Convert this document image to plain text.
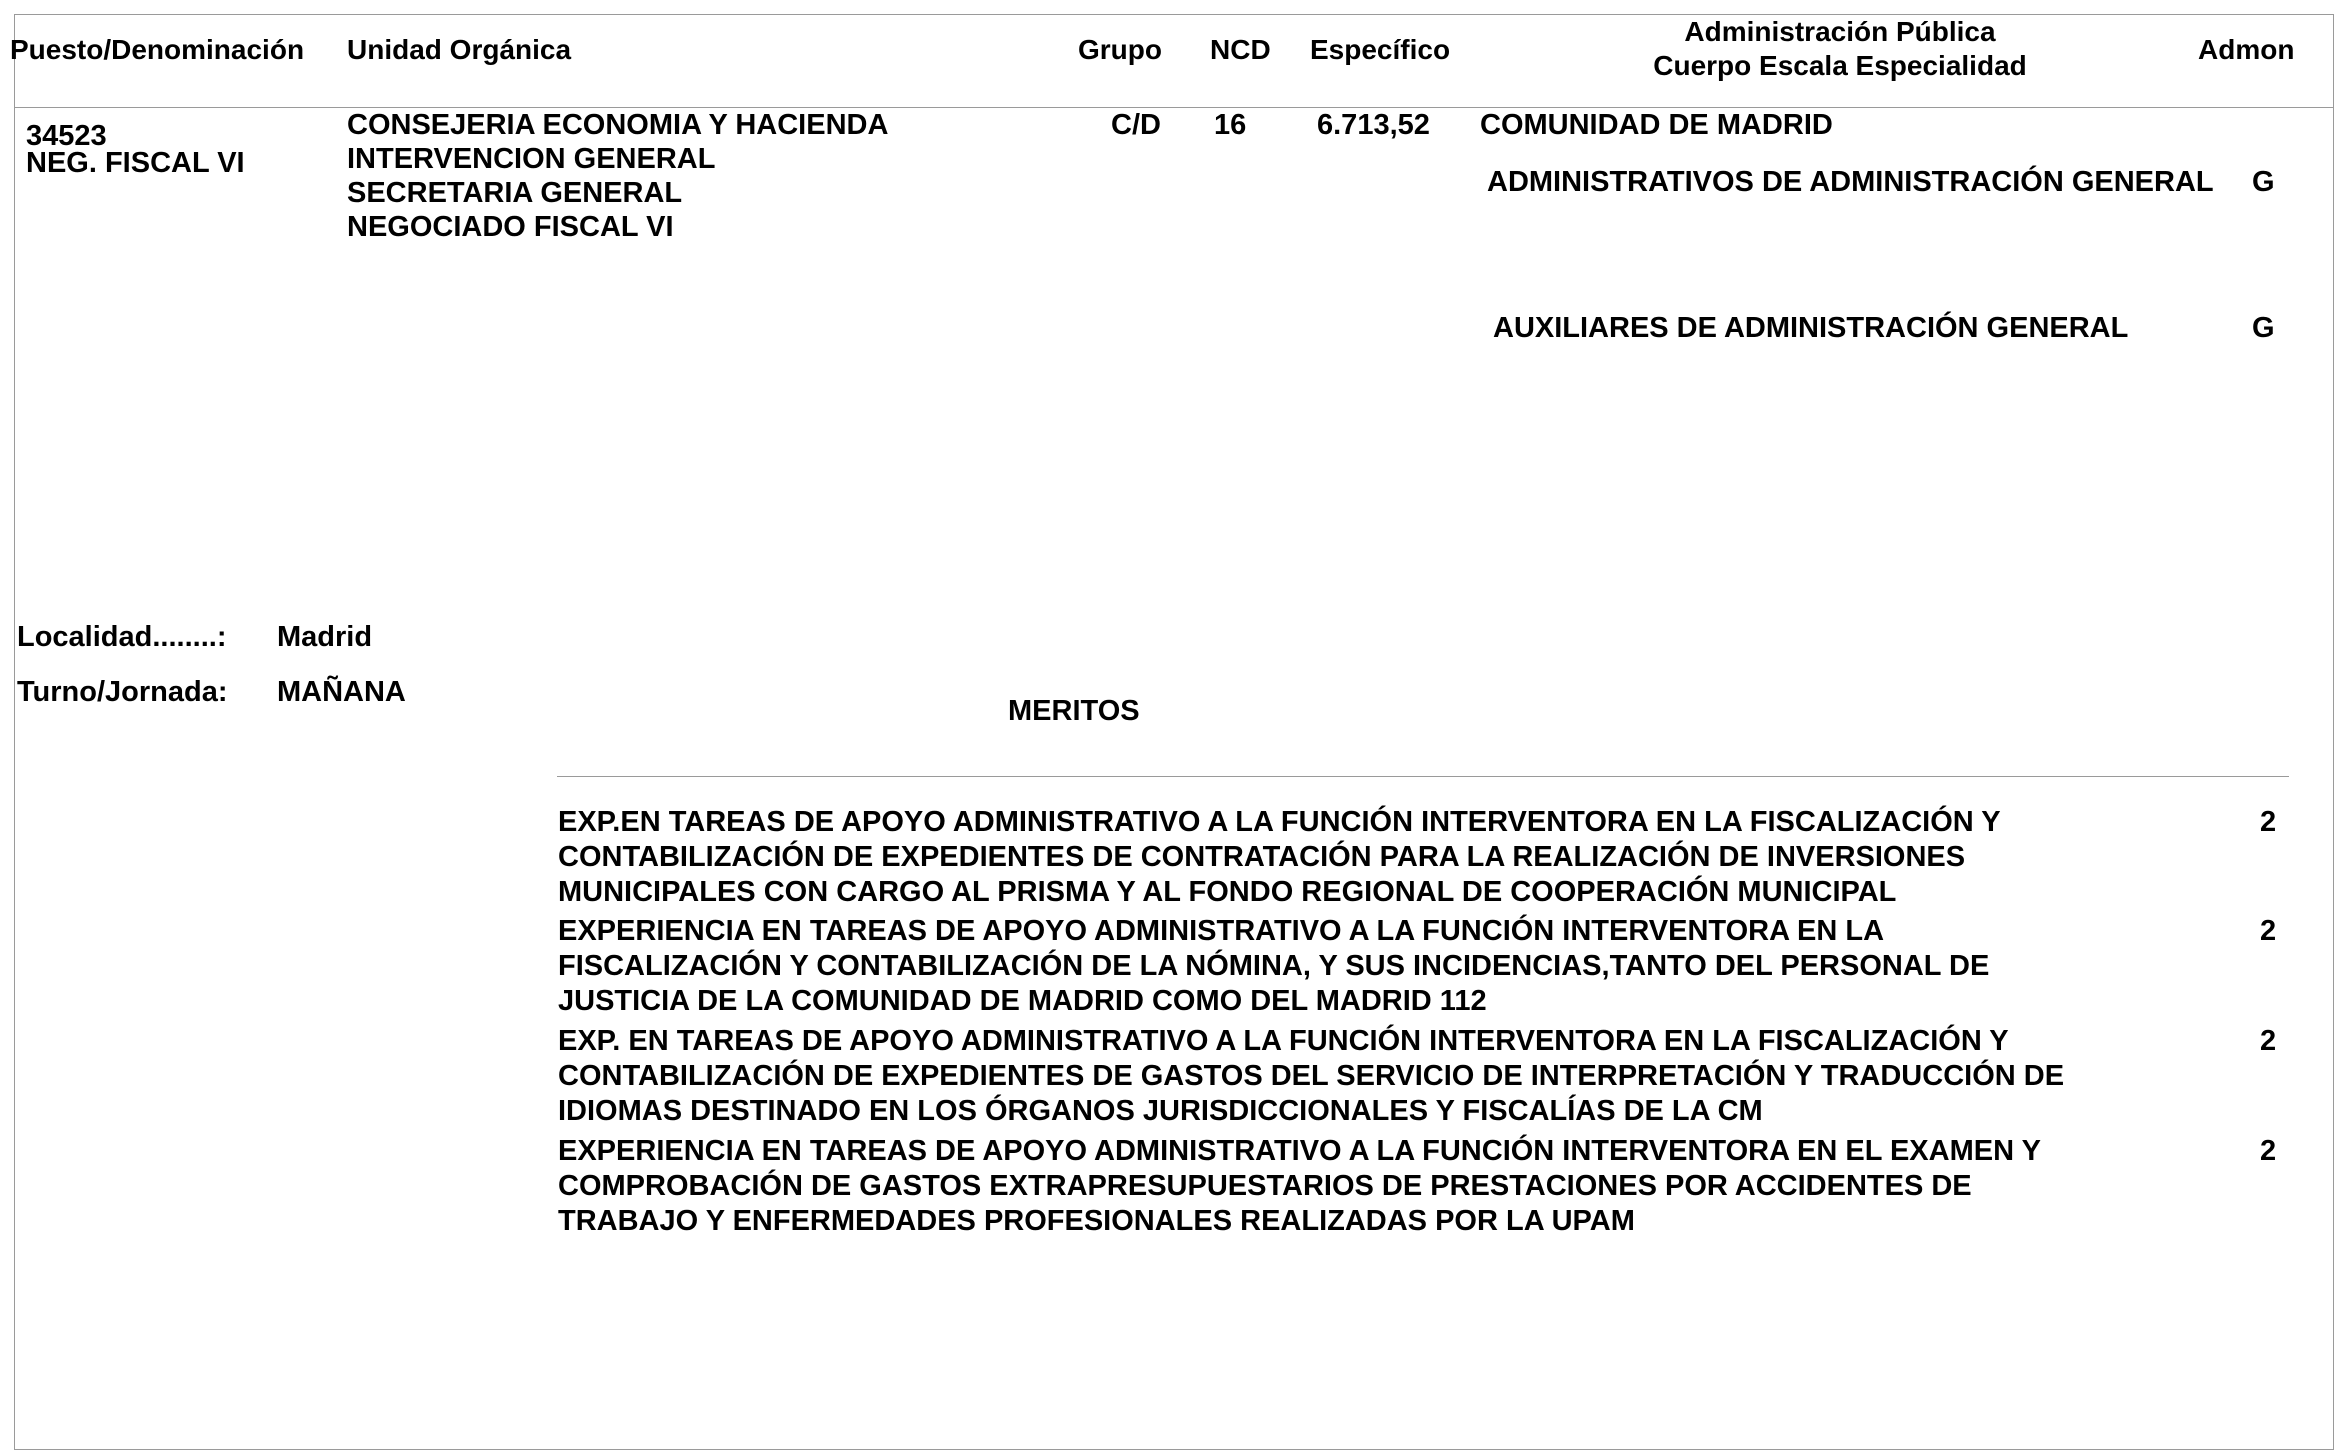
Puesto/Denominación Unidad Orgánica	Grupo NCD Específico
Administración Pública
Cuerpo Escala Especialidad
Admon
34523
NEG. FISCAL VI
CONSEJERIA ECONOMIA Y HACIENDA
INTERVENCION GENERAL
SECRETARIA GENERAL
NEGOCIADO FISCAL VI
C/D 16 6.713,52 COMUNIDAD DE MADRID
ADMINISTRATIVOS DE ADMINISTRACIÓN GENERAL G
AUXILIARES DE ADMINISTRACIÓN GENERAL	G
Localidad........: Madrid
Turno/Jornada: MAÑANA
MERITOS
EXP.EN TAREAS DE APOYO ADMINISTRATIVO A LA FUNCIÓN INTERVENTORA EN LA FISCALIZACIÓN Y
CONTABILIZACIÓN DE EXPEDIENTES DE CONTRATACIÓN PARA LA REALIZACIÓN DE INVERSIONES
MUNICIPALES CON CARGO AL PRISMA Y AL FONDO REGIONAL DE COOPERACIÓN MUNICIPAL
2
EXPERIENCIA EN TAREAS DE APOYO ADMINISTRATIVO A LA FUNCIÓN INTERVENTORA EN LA
FISCALIZACIÓN Y CONTABILIZACIÓN DE LA NÓMINA, Y SUS INCIDENCIAS,TANTO DEL PERSONAL DE
JUSTICIA DE LA COMUNIDAD DE MADRID COMO DEL MADRID 112
2
EXP. EN TAREAS DE APOYO ADMINISTRATIVO A LA FUNCIÓN INTERVENTORA EN LA FISCALIZACIÓN Y
CONTABILIZACIÓN DE EXPEDIENTES DE GASTOS DEL SERVICIO DE INTERPRETACIÓN Y TRADUCCIÓN DE
IDIOMAS DESTINADO EN LOS ÓRGANOS JURISDICCIONALES Y FISCALÍAS DE LA CM
2
EXPERIENCIA EN TAREAS DE APOYO ADMINISTRATIVO A LA FUNCIÓN INTERVENTORA EN EL EXAMEN Y
COMPROBACIÓN DE GASTOS EXTRAPRESUPUESTARIOS DE PRESTACIONES POR ACCIDENTES DE
TRABAJO Y ENFERMEDADES PROFESIONALES REALIZADAS POR LA UPAM
2
